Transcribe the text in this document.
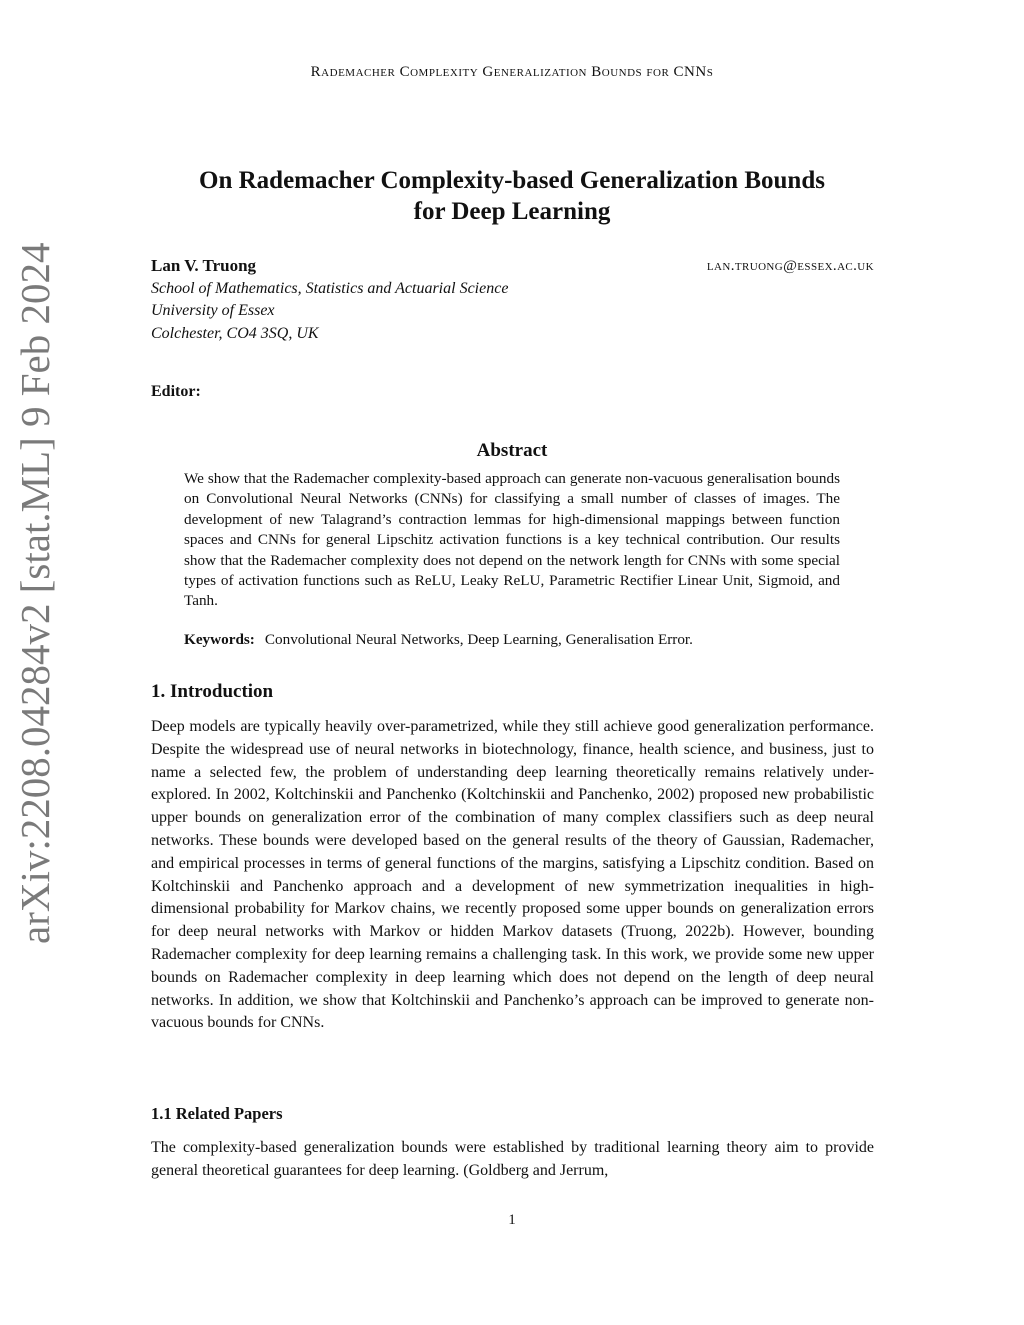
Rademacher Complexity Generalization Bounds for CNNs
arXiv:2208.04284v2 [stat.ML] 9 Feb 2024
On Rademacher Complexity-based Generalization Bounds
for Deep Learning
Lan V. Truong	lan.truong@essex.ac.uk
School of Mathematics, Statistics and Actuarial Science
University of Essex
Colchester, CO4 3SQ, UK
Editor:
Abstract
We show that the Rademacher complexity-based approach can generate non-vacuous generalisation bounds on Convolutional Neural Networks (CNNs) for classifying a small number of classes of images. The development of new Talagrand’s contraction lemmas for high-dimensional mappings between function spaces and CNNs for general Lipschitz activation functions is a key technical contribution. Our results show that the Rademacher complexity does not depend on the network length for CNNs with some special types of activation functions such as ReLU, Leaky ReLU, Parametric Rectifier Linear Unit, Sigmoid, and Tanh.
Keywords: Convolutional Neural Networks, Deep Learning, Generalisation Error.
1. Introduction
Deep models are typically heavily over-parametrized, while they still achieve good generalization performance. Despite the widespread use of neural networks in biotechnology, finance, health science, and business, just to name a selected few, the problem of understanding deep learning theoretically remains relatively under-explored. In 2002, Koltchinskii and Panchenko (Koltchinskii and Panchenko, 2002) proposed new probabilistic upper bounds on generalization error of the combination of many complex classifiers such as deep neural networks. These bounds were developed based on the general results of the theory of Gaussian, Rademacher, and empirical processes in terms of general functions of the margins, satisfying a Lipschitz condition. Based on Koltchinskii and Panchenko approach and a development of new symmetrization inequalities in high-dimensional probability for Markov chains, we recently proposed some upper bounds on generalization errors for deep neural networks with Markov or hidden Markov datasets (Truong, 2022b). However, bounding Rademacher complexity for deep learning remains a challenging task. In this work, we provide some new upper bounds on Rademacher complexity in deep learning which does not depend on the length of deep neural networks. In addition, we show that Koltchinskii and Panchenko’s approach can be improved to generate non-vacuous bounds for CNNs.
1.1 Related Papers
The complexity-based generalization bounds were established by traditional learning theory aim to provide general theoretical guarantees for deep learning. (Goldberg and Jerrum,
1
